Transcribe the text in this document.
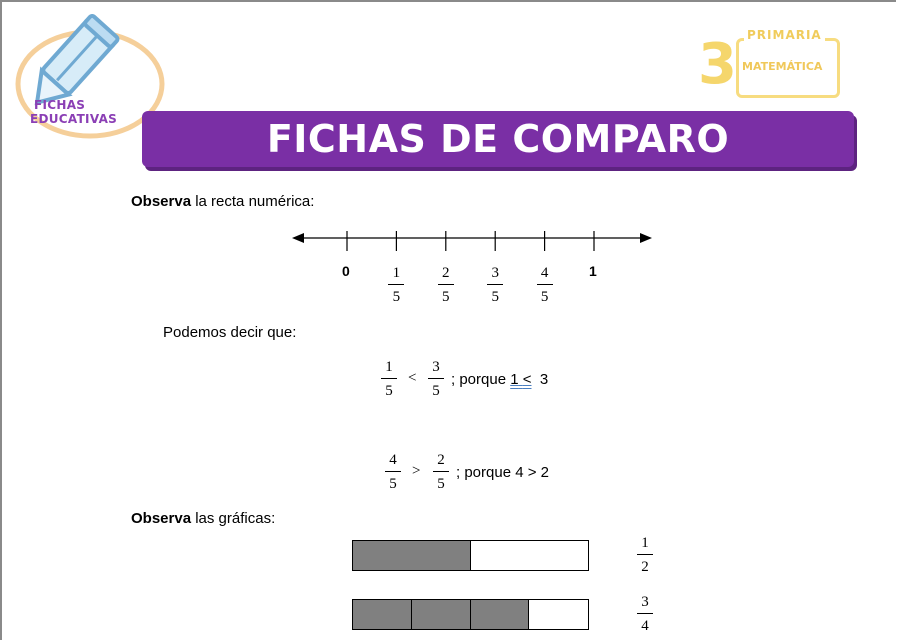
FICHAS
EDUCATIVAS
3 PRIMARIA
MATEMÁTICA
FICHAS DE COMPARO FRACCIONES
Observa la recta numérica:
0	1
5
2
5
3
5
4
5
1
Podemos decir que:
1
5
<
3
5
; porque 1 < 3
4
5
>
2
5
; porque 4 > 2
Observa las gráficas:
1
2
3
4
